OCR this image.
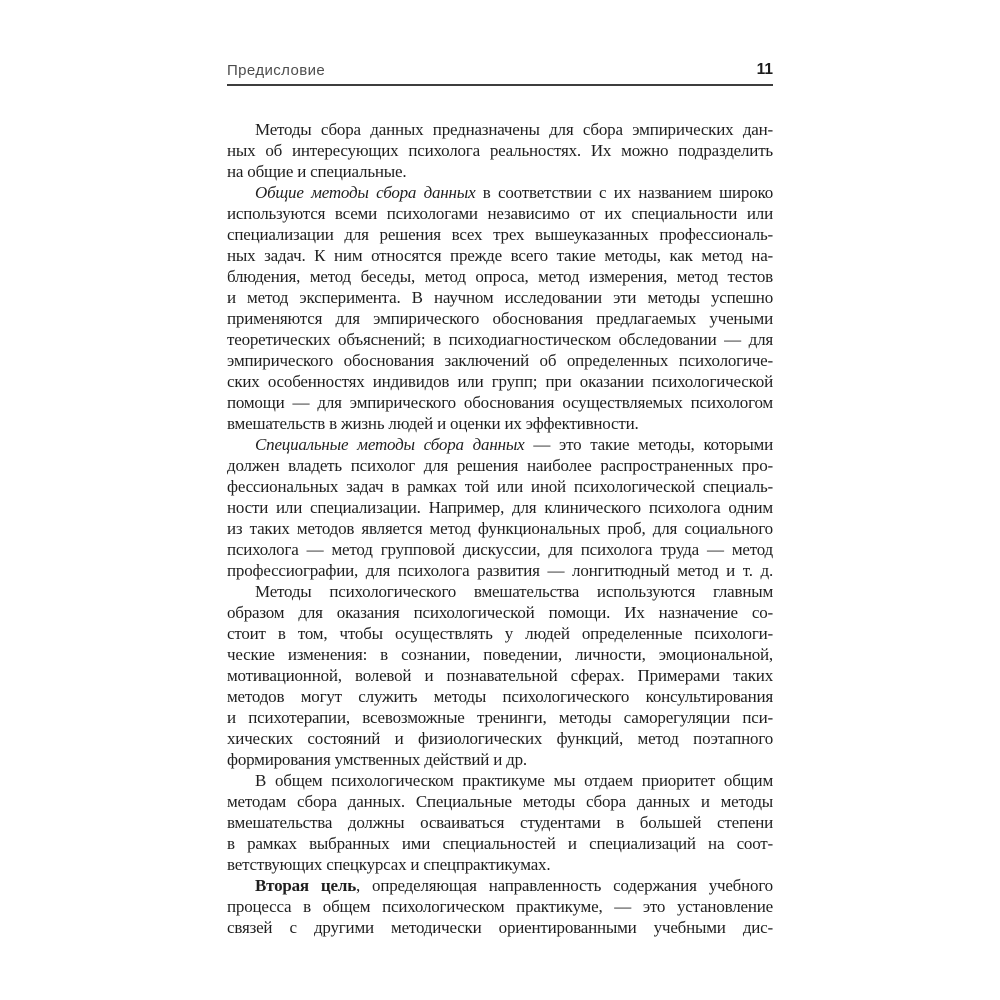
Предисловие	11
Методы сбора данных предназначены для сбора эмпирических дан-
ных об интересующих психолога реальностях. Их можно подразделить
на общие и специальные.
Общие методы сбора данных в соответствии с их названием широко
используются всеми психологами независимо от их специальности или
специализации для решения всех трех вышеуказанных профессиональ-
ных задач. К ним относятся прежде всего такие методы, как метод на-
блюдения, метод беседы, метод опроса, метод измерения, метод тестов
и метод эксперимента. В научном исследовании эти методы успешно
применяются для эмпирического обоснования предлагаемых учеными
теоретических объяснений; в психодиагностическом обследовании — для
эмпирического обоснования заключений об определенных психологиче-
ских особенностях индивидов или групп; при оказании психологической
помощи — для эмпирического обоснования осуществляемых психологом
вмешательств в жизнь людей и оценки их эффективности.
Специальные методы сбора данных — это такие методы, которыми
должен владеть психолог для решения наиболее распространенных про-
фессиональных задач в рамках той или иной психологической специаль-
ности или специализации. Например, для клинического психолога одним
из таких методов является метод функциональных проб, для социального
психолога — метод групповой дискуссии, для психолога труда — метод
профессиографии, для психолога развития — лонгитюдный метод и т. д.
Методы психологического вмешательства используются главным
образом для оказания психологической помощи. Их назначение со-
стоит в том, чтобы осуществлять у людей определенные психологи-
ческие изменения: в сознании, поведении, личности, эмоциональной,
мотивационной, волевой и познавательной сферах. Примерами таких
методов могут служить методы психологического консультирования
и психотерапии, всевозможные тренинги, методы саморегуляции пси-
хических состояний и физиологических функций, метод поэтапного
формирования умственных действий и др.
В общем психологическом практикуме мы отдаем приоритет общим
методам сбора данных. Специальные методы сбора данных и методы
вмешательства должны осваиваться студентами в большей степени
в рамках выбранных ими специальностей и специализаций на соот-
ветствующих спецкурсах и спецпрактикумах.
Вторая цель, определяющая направленность содержания учебного
процесса в общем психологическом практикуме, — это установление
связей с другими методически ориентированными учебными дис-
